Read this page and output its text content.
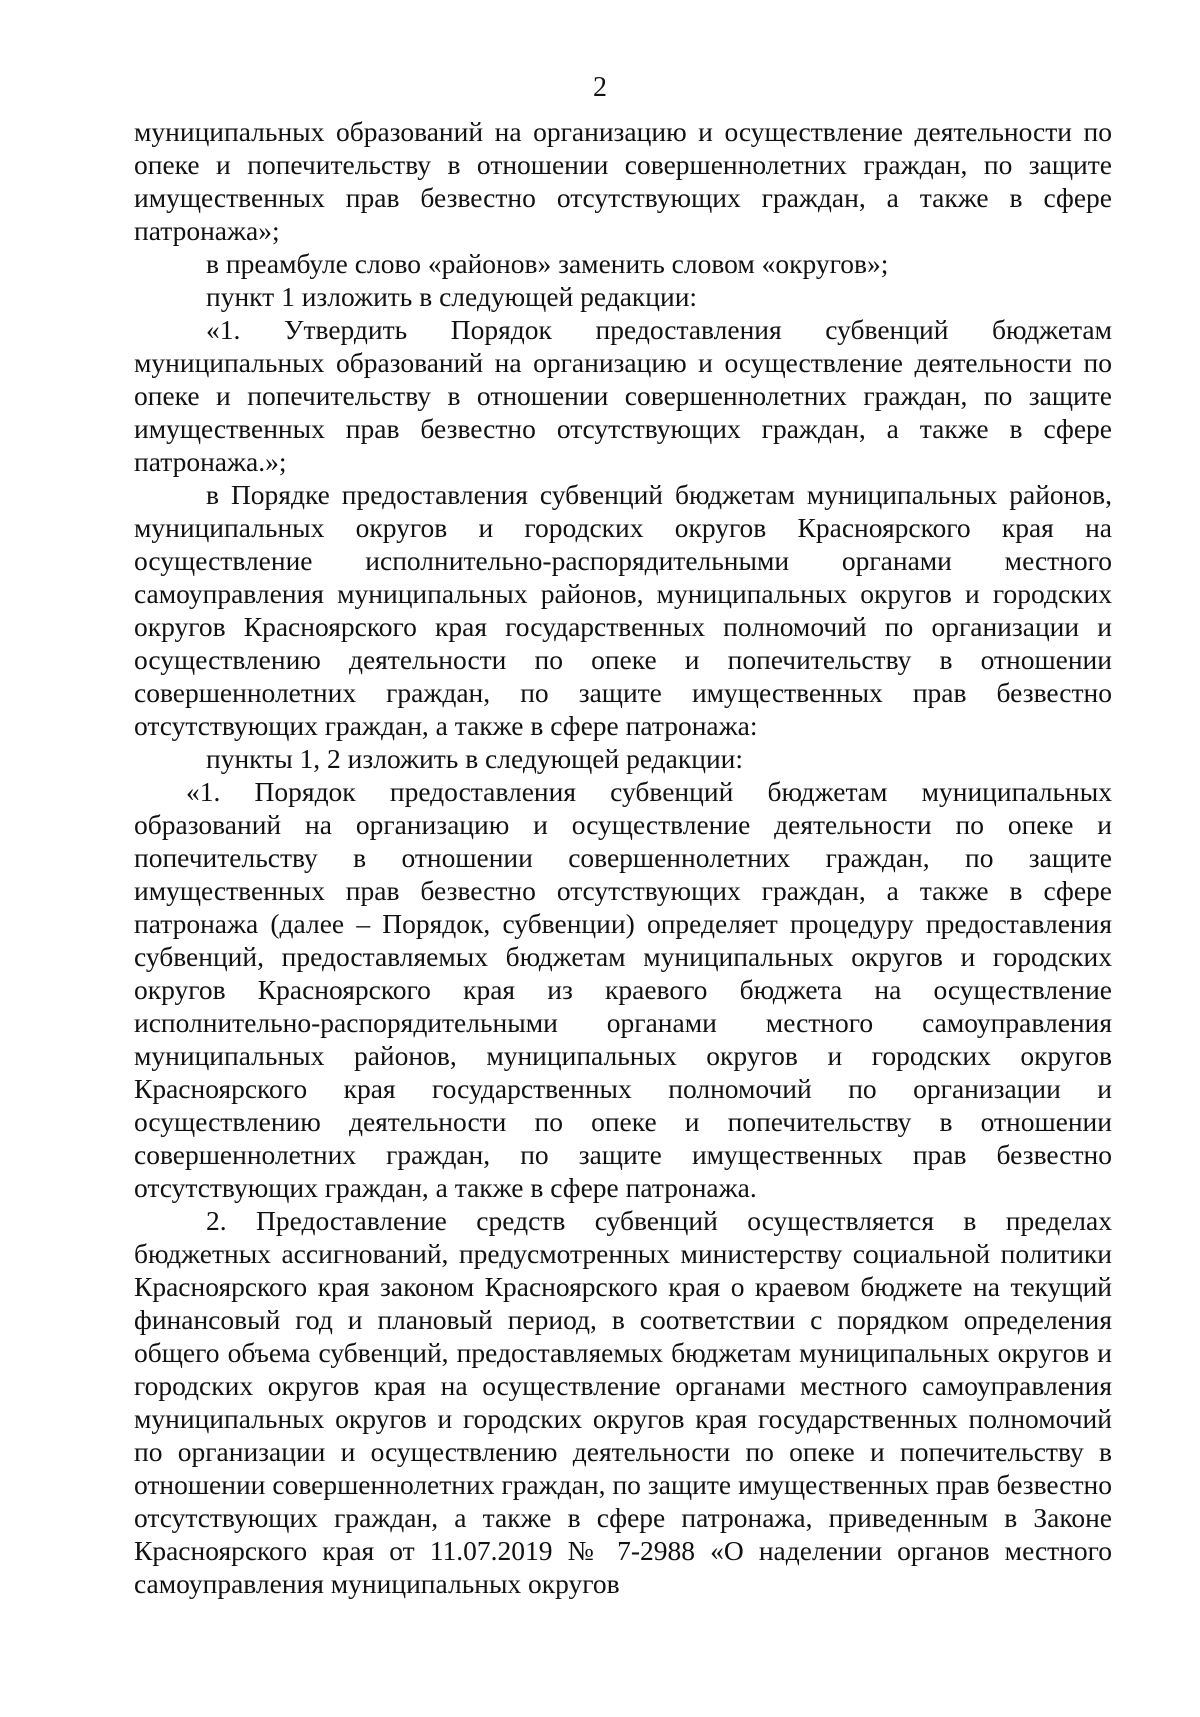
2

муниципальных образований на организацию и осуществление деятельности по опеке и попечительству в отношении совершеннолетних граждан, по защите имущественных прав безвестно отсутствующих граждан, а также в сфере патронажа»;

в преамбуле слово «районов» заменить словом «округов»;

пункт 1 изложить в следующей редакции:

«1. Утвердить Порядок предоставления субвенций бюджетам муниципальных образований на организацию и осуществление деятельности по опеке и попечительству в отношении совершеннолетних граждан, по защите имущественных прав безвестно отсутствующих граждан, а также в сфере патронажа.»;

в Порядке предоставления субвенций бюджетам муниципальных районов, муниципальных округов и городских округов Красноярского края на осуществление исполнительно-распорядительными органами местного самоуправления муниципальных районов, муниципальных округов и городских округов Красноярского края государственных полномочий по организации и осуществлению деятельности по опеке и попечительству в отношении совершеннолетних граждан, по защите имущественных прав безвестно отсутствующих граждан, а также в сфере патронажа:

пункты 1, 2 изложить в следующей редакции:

«1. Порядок предоставления субвенций бюджетам муниципальных образований на организацию и осуществление деятельности по опеке и попечительству в отношении совершеннолетних граждан, по защите имущественных прав безвестно отсутствующих граждан, а также в сфере патронажа (далее – Порядок, субвенции) определяет процедуру предоставления субвенций, предоставляемых бюджетам муниципальных округов и городских округов Красноярского края из краевого бюджета на осуществление исполнительно-распорядительными органами местного самоуправления муниципальных районов, муниципальных округов и городских округов Красноярского края государственных полномочий по организации и осуществлению деятельности по опеке и попечительству в отношении совершеннолетних граждан, по защите имущественных прав безвестно отсутствующих граждан, а также в сфере патронажа.

2. Предоставление средств субвенций осуществляется в пределах бюджетных ассигнований, предусмотренных министерству социальной политики Красноярского края законом Красноярского края о краевом бюджете на текущий финансовый год и плановый период, в соответствии с порядком определения общего объема субвенций, предоставляемых бюджетам муниципальных округов и городских округов края на осуществление органами местного самоуправления муниципальных округов и городских округов края государственных полномочий по организации и осуществлению деятельности по опеке и попечительству в отношении совершеннолетних граждан, по защите имущественных прав безвестно отсутствующих граждан, а также в сфере патронажа, приведенным в Законе Красноярского края от 11.07.2019 № 7-2988 «О наделении органов местного самоуправления муниципальных округов
